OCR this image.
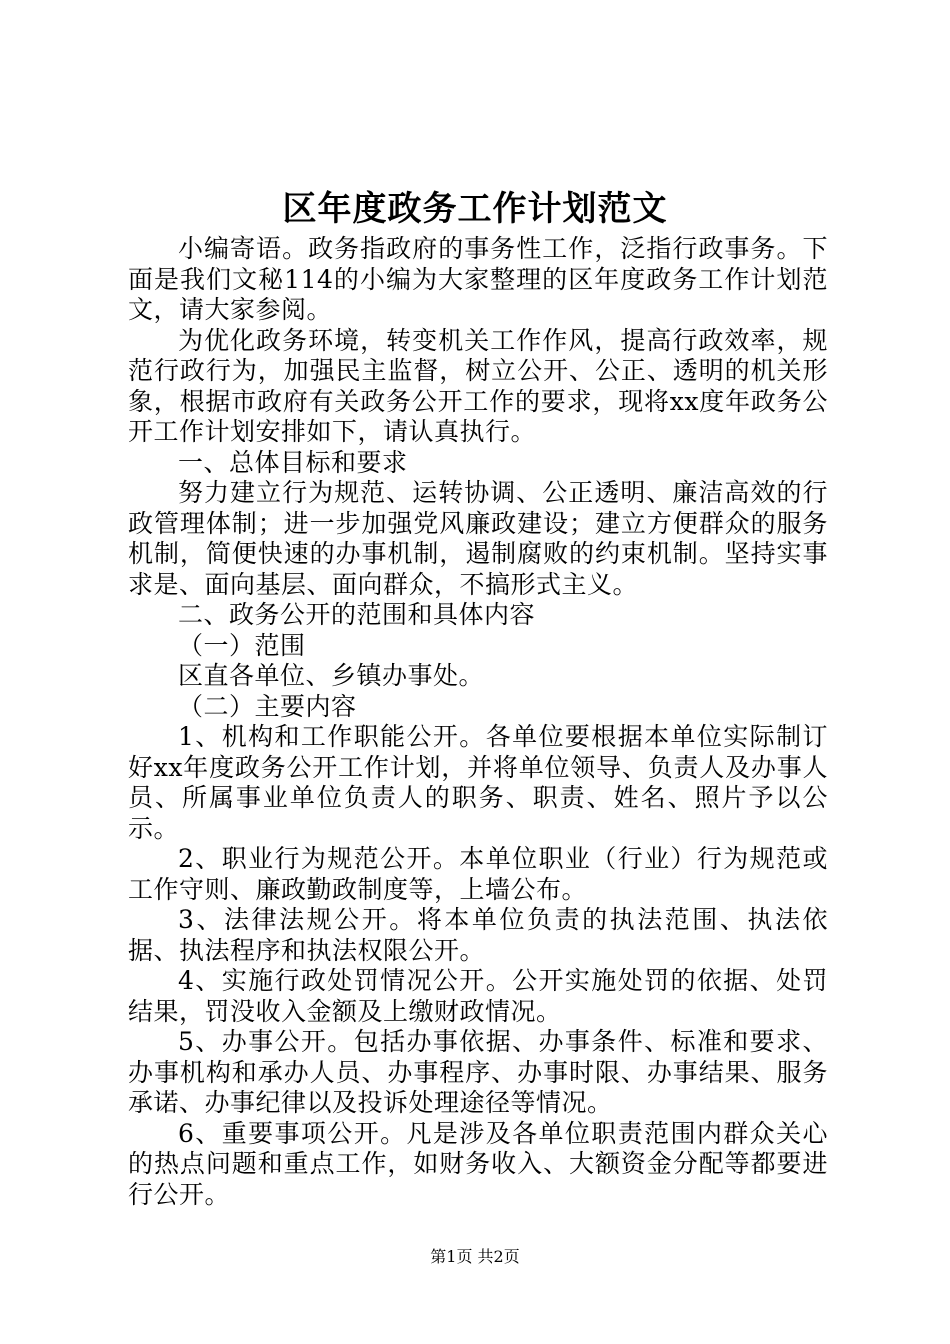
区年度政务工作计划范文

小编寄语。政务指政府的事务性工作，泛指行政事务。下面是我们文秘114的小编为大家整理的区年度政务工作计划范文，请大家参阅。

为优化政务环境，转变机关工作作风，提高行政效率，规范行政行为，加强民主监督，树立公开、公正、透明的机关形象，根据市政府有关政务公开工作的要求，现将xx度年政务公开工作计划安排如下，请认真执行。

一、总体目标和要求

努力建立行为规范、运转协调、公正透明、廉洁高效的行政管理体制；进一步加强党风廉政建设；建立方便群众的服务机制，简便快速的办事机制，遏制腐败的约束机制。坚持实事求是、面向基层、面向群众，不搞形式主义。

二、政务公开的范围和具体内容

（一）范围

区直各单位、乡镇办事处。

（二）主要内容

1、机构和工作职能公开。各单位要根据本单位实际制订好xx年度政务公开工作计划，并将单位领导、负责人及办事人员、所属事业单位负责人的职务、职责、姓名、照片予以公示。

2、职业行为规范公开。本单位职业（行业）行为规范或工作守则、廉政勤政制度等，上墙公布。

3、法律法规公开。将本单位负责的执法范围、执法依据、执法程序和执法权限公开。

4、实施行政处罚情况公开。公开实施处罚的依据、处罚结果，罚没收入金额及上缴财政情况。

5、办事公开。包括办事依据、办事条件、标准和要求、办事机构和承办人员、办事程序、办事时限、办事结果、服务承诺、办事纪律以及投诉处理途径等情况。

6、重要事项公开。凡是涉及各单位职责范围内群众关心的热点问题和重点工作，如财务收入、大额资金分配等都要进行公开。

第1页 共2页
